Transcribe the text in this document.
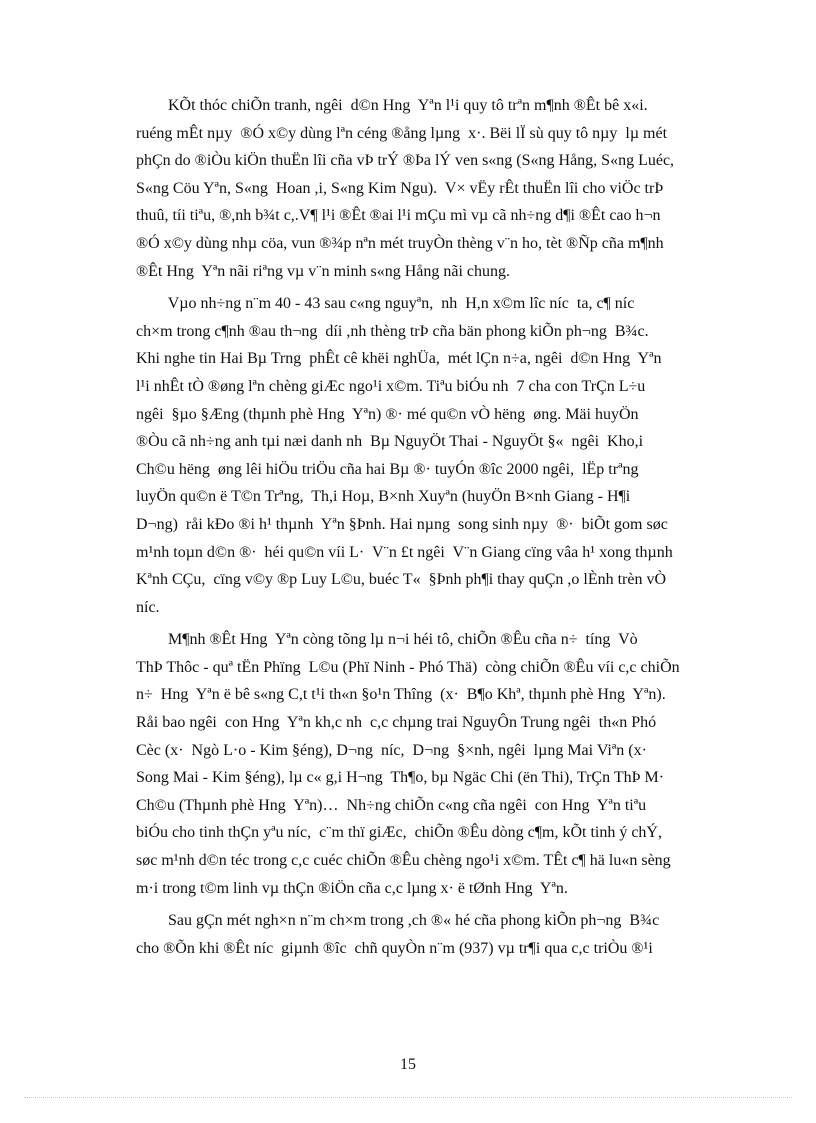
KÕt thóc chiÕn tranh, ngêi  d©n Hng  Yªn l¹i quy tô trªn m¶nh ®Êt bê x«i.
ruéng mÊt nµy  ®Ó x©y dùng lªn céng ®ång lµng  x·. Bëi lÏ sù quy tô nµy  lµ mét
phÇn do ®iÒu kiÖn thuËn lîi cña vÞ trÝ ®Þa lÝ ven s«ng (S«ng Hång, S«ng Luéc,
S«ng Cöu Yªn, S«ng  Hoan ,i, S«ng Kim Ngu).  V× vËy rÊt thuËn lîi cho viÖc trÞ
thuû, tíi tiªu, ®,nh b¾t c,.V¶ l¹i ®Êt ®ai l¹i mÇu mì vµ cã nh÷ng d¶i ®Êt cao h¬n
®Ó x©y dùng nhµ cöa, vun ®¾p nªn mét truyÒn thèng v¨n ho, tèt ®Ñp cña m¶nh
®Êt Hng  Yªn nãi riªng vµ v¨n minh s«ng Hång nãi chung.

Vµo nh÷ng n¨m 40 - 43 sau c«ng nguyªn,  nh  H,n x©m lîc níc  ta, c¶ níc
ch×m trong c¶nh ®au th¬ng  díi ,nh thèng trÞ cña bän phong kiÕn ph¬ng  B¾c.
Khi nghe tin Hai Bµ Trng  phÊt cê khëi nghÜa,  mét lÇn n÷a, ngêi  d©n Hng  Yªn
l¹i nhÊt tÒ ®øng lªn chèng giÆc ngo¹i x©m. Tiªu biÓu nh  7 cha con TrÇn L÷u
ngêi  §µo §Æng (thµnh phè Hng  Yªn) ®· mé qu©n vÒ hëng  øng. Mäi huyÖn
®Òu cã nh÷ng anh tµi næi danh nh  Bµ NguyÖt Thai - NguyÖt §«  ngêi  Kho,i
Ch©u hëng  øng lêi hiÖu triÖu cña hai Bµ ®· tuyÓn ®îc 2000 ngêi,  lËp trªng
luyÖn qu©n ë T©n Trªng,  Th,i Hoµ, B×nh Xuyªn (huyÖn B×nh Giang - H¶i
D¬ng)  råi kÐo ®i h¹ thµnh  Yªn §Þnh. Hai nµng  song sinh nµy  ®·  biÕt gom søc
m¹nh toµn d©n ®·  héi qu©n víi L·  V¨n £t ngêi  V¨n Giang cïng vâa h¹ xong thµnh
Kªnh CÇu,  cïng v©y ®p Luy L©u, buéc T«  §Þnh ph¶i thay quÇn ,o lÈnh trèn vÒ
níc.

M¶nh ®Êt Hng  Yªn còng tõng lµ n¬i héi tô, chiÕn ®Êu cña n÷  tíng  Vò
ThÞ Thôc - quª tËn Phïng  L©u (Phï Ninh - Phó Thä)  còng chiÕn ®Êu víi c,c chiÕn
n÷  Hng  Yªn ë bê s«ng C,t t¹i th«n §o¹n Thîng  (x·  B¶o Khª, thµnh phè Hng  Yªn).
Råi bao ngêi  con Hng  Yªn kh,c nh  c,c chµng trai NguyÔn Trung ngêi  th«n Phó
Cèc (x·  Ngò L·o - Kim §éng), D¬ng  níc,  D¬ng  §×nh, ngêi  lµng Mai Viªn (x·
Song Mai - Kim §éng), lµ c« g,i H¬ng  Th¶o, bµ Ngäc Chi (ën Thi), TrÇn ThÞ M·
Ch©u (Thµnh phè Hng  Yªn)…  Nh÷ng chiÕn c«ng cña ngêi  con Hng  Yªn tiªu
biÓu cho tinh thÇn yªu níc,  c¨m thï giÆc,  chiÕn ®Êu dòng c¶m, kÕt tinh ý chÝ,
søc m¹nh d©n téc trong c,c cuéc chiÕn ®Êu chèng ngo¹i x©m. TÊt c¶ hä lu«n sèng
m·i trong t©m linh vµ thÇn ®iÖn cña c,c lµng x· ë tØnh Hng  Yªn.

Sau gÇn mét ngh×n n¨m ch×m trong ,ch ®« hé cña phong kiÕn ph¬ng  B¾c
cho ®Õn khi ®Êt níc  giµnh ®îc  chñ quyÒn n¨m (937) vµ tr¶i qua c,c triÒu ®¹i

15
